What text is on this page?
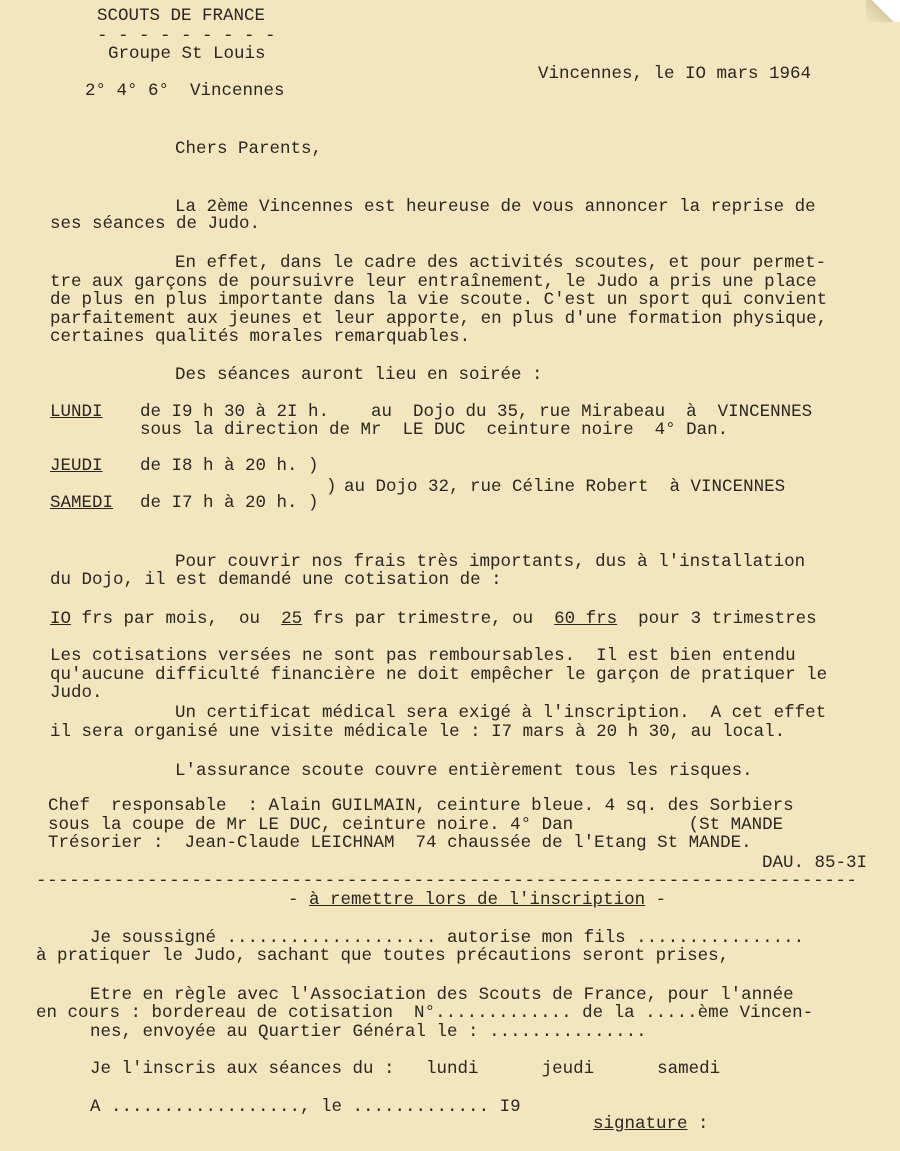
SCOUTS DE FRANCE
- - - - - - - - -
Groupe St Louis
2° 4° 6°  Vincennes
Vincennes, le IO mars 1964
Chers Parents,
La 2ème Vincennes est heureuse de vous annoncer la reprise de
ses séances de Judo.
En effet, dans le cadre des activités scoutes, et pour permet-
tre aux garçons de poursuivre leur entraînement, le Judo a pris une place
de plus en plus importante dans la vie scoute. C'est un sport qui convient
parfaitement aux jeunes et leur apporte, en plus d'une formation physique,
certaines qualités morales remarquables.
Des séances auront lieu en soirée :
LUNDI de I9 h 30 à 2I h.    au  Dojo du 35, rue Mirabeau  à  VINCENNES
sous la direction de Mr  LE DUC  ceinture noire  4° Dan.
JEUDI de I8 h à 20 h. )
) au Dojo 32, rue Céline Robert  à VINCENNES
SAMEDI de I7 h à 20 h. )
Pour couvrir nos frais très importants, dus à l'installation
du Dojo, il est demandé une cotisation de :
IO frs par mois,  ou  25 frs par trimestre, ou  60 frs  pour 3 trimestres
Les cotisations versées ne sont pas remboursables.  Il est bien entendu
qu'aucune difficulté financière ne doit empêcher le garçon de pratiquer le
Judo.
Un certificat médical sera exigé à l'inscription.  A cet effet
il sera organisé une visite médicale le : I7 mars à 20 h 30, au local.
L'assurance scoute couvre entièrement tous les risques.
Chef  responsable  : Alain GUILMAIN, ceinture bleue. 4 sq. des Sorbiers
sous la coupe de Mr LE DUC, ceinture noire. 4° Dan           (St MANDE
Trésorier :  Jean-Claude LEICHNAM  74 chaussée de l'Etang St MANDE.
DAU. 85-3I
--------------------------------------------------------------------------
- à remettre lors de l'inscription -
Je soussigné .................... autorise mon fils ................
à pratiquer le Judo, sachant que toutes précautions seront prises,
Etre en règle avec l'Association des Scouts de France, pour l'année
en cours : bordereau de cotisation  N°............. de la .....ème Vincen-
nes, envoyée au Quartier Général le : ...............
Je l'inscris aux séances du :   lundi      jeudi      samedi
A .................., le ............. I9
signature :
